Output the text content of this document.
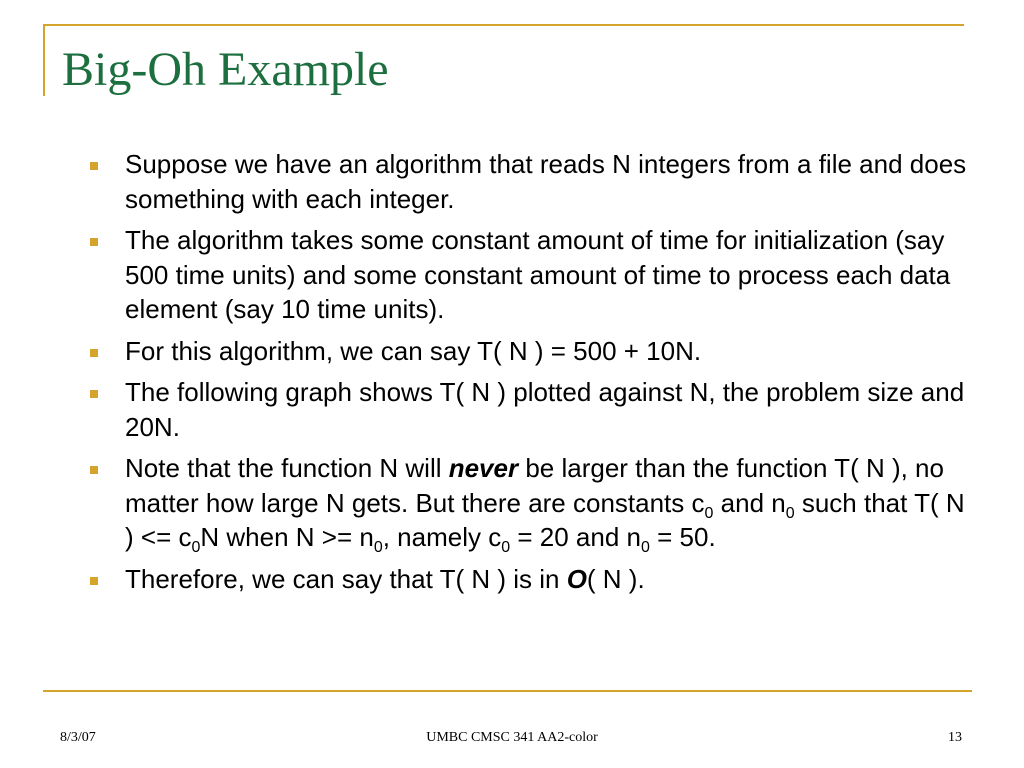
Big-Oh Example
Suppose we have an algorithm that reads N integers from a file and does something with each integer.
The algorithm takes some constant amount of time for initialization (say 500 time units) and some constant amount of time to process each data element (say 10 time units).
For this algorithm, we can say T( N ) = 500 + 10N.
The following graph shows T( N ) plotted against N, the problem size and 20N.
Note that the function N will never be larger than the function T( N ), no matter how large N gets. But there are constants $c_0$ and $n_0$ such that T( N ) <= $c_0N$ when $N >= n_0$, namely $c_0 = 20$ and $n_0 = 50$.
Therefore, we can say that T( N ) is in O( N ).
8/3/07	UMBC CMSC 341 AA2-color	13
